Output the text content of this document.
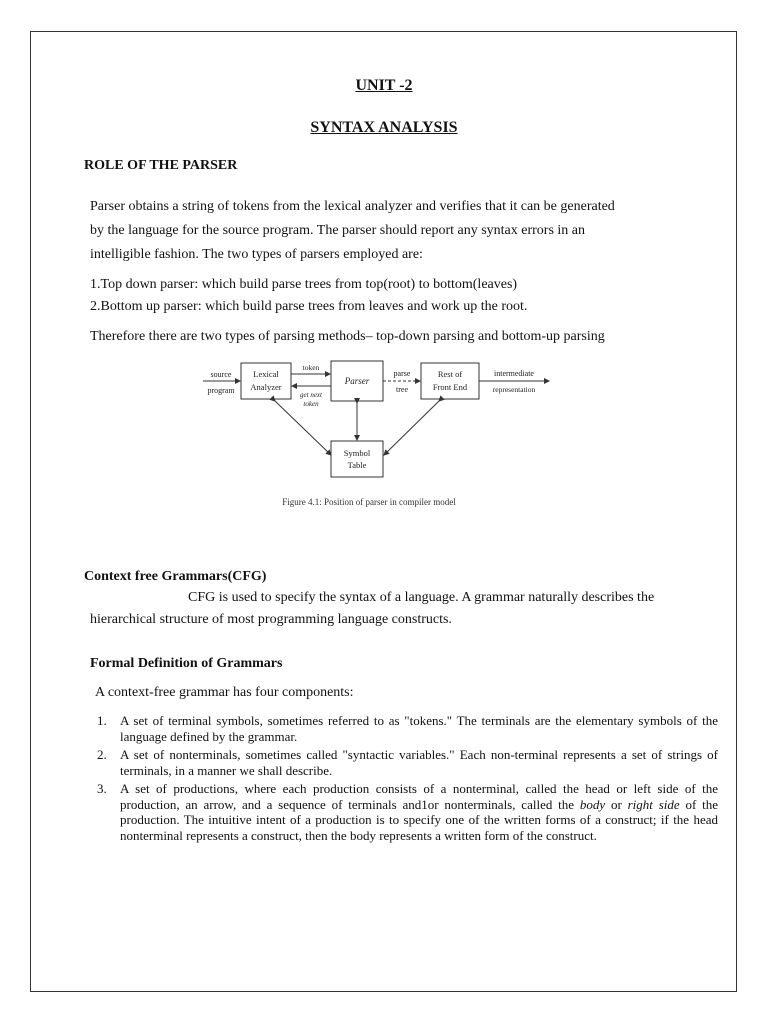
UNIT -2
SYNTAX ANALYSIS
ROLE OF THE PARSER
Parser obtains a string of tokens from the lexical analyzer and verifies that it can be generated
by the language for the source program. The parser should report any syntax errors in an
intelligible fashion. The two types of parsers employed are:
1.Top down parser: which build parse trees from top(root) to bottom(leaves)
2.Bottom up parser: which build parse trees from leaves and work up the root.
Therefore there are two types of parsing methods– top-down parsing and bottom-up parsing
source
program
Lexical
Analyzer
token
get next
token
Parser
parse
tree
Rest of
Front End
intermediate
representation
Symbol
Table
Figure 4.1: Position of parser in compiler model
Context free Grammars(CFG)
CFG is used to specify the syntax of a language. A grammar naturally describes the
hierarchical structure of most programming language constructs.
Formal Definition of Grammars
A context-free grammar has four components:
1. A set of terminal symbols, sometimes referred to as "tokens." The terminals are the elementary symbols of the language defined by the grammar.
2. A set of nonterminals, sometimes called "syntactic variables." Each non-terminal represents a set of strings of terminals, in a manner we shall describe.
3. A set of productions, where each production consists of a nonterminal, called the head or left side of the production, an arrow, and a sequence of terminals and1or nonterminals, called the body or right side of the production. The intuitive intent of a production is to specify one of the written forms of a construct; if the head nonterminal represents a construct, then the body represents a written form of the construct.
